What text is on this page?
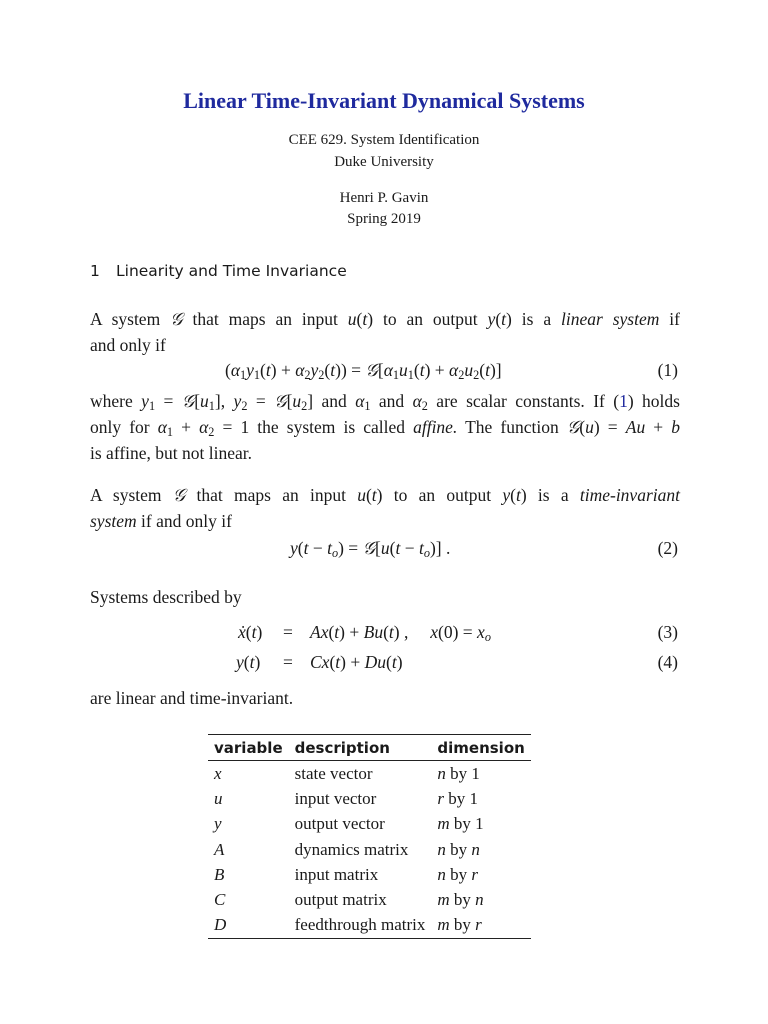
Linear Time-Invariant Dynamical Systems
CEE 629. System Identification
Duke University
Henri P. Gavin
Spring 2019
1 Linearity and Time Invariance
A system 𝒢 that maps an input u(t) to an output y(t) is a linear system if
and only if
$(\alpha_1y_1(t) + \alpha_2y_2(t))$ = $𝒢[\alpha_1u_1(t) + \alpha_2u_2(t)]$	(1)
where $y_1$ = $𝒢[u_1]$, $y_2$ = $𝒢[u_2]$ and $\alpha_1$ and $\alpha_2$ are scalar constants. If (1) holds
only for $\alpha_1 + \alpha_2 = 1$ the system is called affine. The function 𝒢(u) = Au + b
is affine, but not linear.
A system 𝒢 that maps an input u(t) to an output y(t) is a time-invariant
system if and only if
$y(t - t_o)$ = 𝒢[u(t − $t_o$)] .	(2)
Systems described by
ẋ(t) = Ax(t) + Bu(t) ,     $x(0) = x_o$	(3)
y(t) = Cx(t) + Du(t)	(4)
are linear and time-invariant.
variable	description	dimension
x	state vector	n by 1
u	input vector	r by 1
y	output vector	m by 1
A	dynamics matrix	n by n
B	input matrix	n by r
C	output matrix	m by n
D	feedthrough matrix	m by r
